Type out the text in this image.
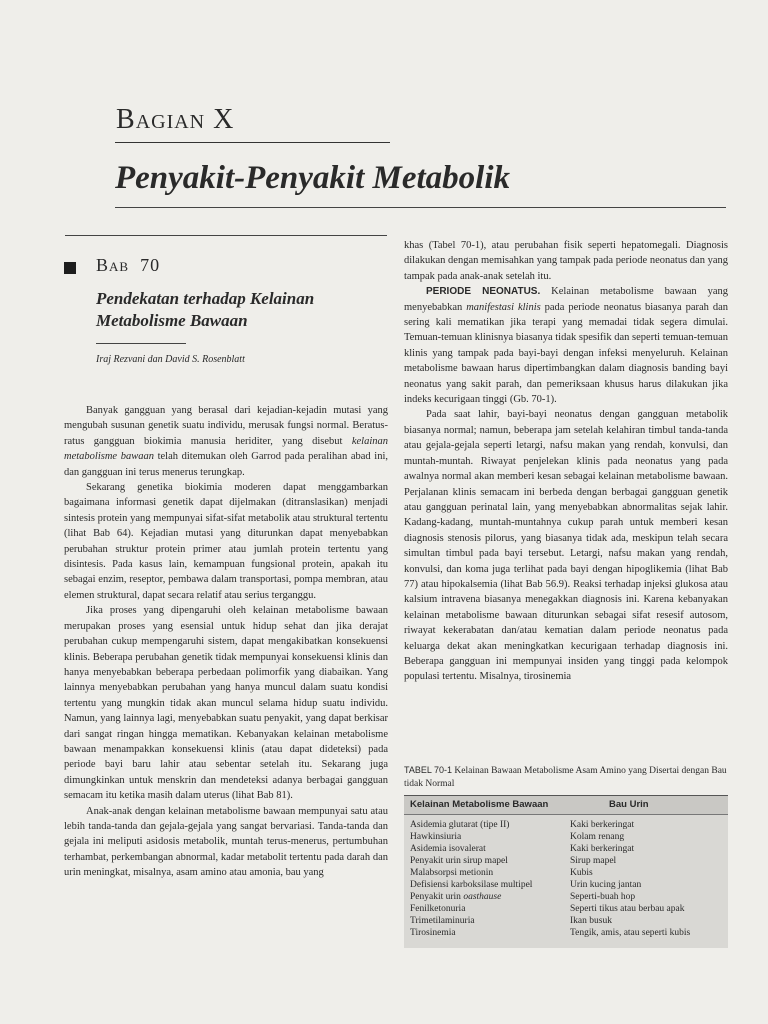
BAGIAN X
Penyakit-Penyakit Metabolik
BAB 70
Pendekatan terhadap Kelainan
Metabolisme Bawaan
Iraj Rezvani dan David S. Rosenblatt

Banyak gangguan yang berasal dari kejadian-kejadin mutasi yang mengubah susunan genetik suatu individu, merusak fungsi normal. Beratus-ratus gangguan biokimia manusia heriditer, yang disebut kelainan metabolisme bawaan telah ditemukan oleh Garrod pada peralihan abad ini, dan gangguan ini terus menerus terungkap.

Sekarang genetika biokimia moderen dapat menggambarkan bagaimana informasi genetik dapat dijelmakan (ditranslasikan) menjadi sintesis protein yang mempunyai sifat-sifat metabolik atau struktural tertentu (lihat Bab 64). Kejadian mutasi yang diturunkan dapat menyebabkan perubahan struktur protein primer atau jumlah protein tertentu yang disintesis. Pada kasus lain, kemampuan fungsional protein, apakah itu sebagai enzim, reseptor, pembawa dalam transportasi, pompa membran, atau elemen struktural, dapat secara relatif atau serius terganggu.

Jika proses yang dipengaruhi oleh kelainan metabolisme bawaan merupakan proses yang esensial untuk hidup sehat dan jika derajat perubahan cukup mempengaruhi sistem, dapat mengakibatkan konsekuensi klinis. Beberapa perubahan genetik tidak mempunyai konsekuensi klinis dan hanya menyebabkan beberapa perbedaan polimorfik yang diabaikan. Yang lainnya menyebabkan perubahan yang hanya muncul dalam suatu kondisi tertentu yang mungkin tidak akan muncul selama hidup suatu individu. Namun, yang lainnya lagi, menyebabkan suatu penyakit, yang dapat berkisar dari sangat ringan hingga mematikan. Kebanyakan kelainan metabolisme bawaan menampakkan konsekuensi klinis (atau dapat dideteksi) pada periode bayi baru lahir atau sebentar setelah itu. Sekarang juga dimungkinkan untuk menskrin dan mendeteksi adanya berbagai gangguan semacam itu ketika masih dalam uterus (lihat Bab 81).

Anak-anak dengan kelainan metabolisme bawaan mempunyai satu atau lebih tanda-tanda dan gejala-gejala yang sangat bervariasi. Tanda-tanda dan gejala ini meliputi asidosis metabolik, muntah terus-menerus, pertumbuhan terhambat, perkembangan abnormal, kadar metabolit tertentu pada darah dan urin meningkat, misalnya, asam amino atau amonia, bau yang

khas (Tabel 70-1), atau perubahan fisik seperti hepatomegali. Diagnosis dilakukan dengan memisahkan yang tampak pada periode neonatus dan yang tampak pada anak-anak setelah itu.

PERIODE NEONATUS. Kelainan metabolisme bawaan yang menyebabkan manifestasi klinis pada periode neonatus biasanya parah dan sering kali mematikan jika terapi yang memadai tidak segera dimulai. Temuan-temuan klinisnya biasanya tidak spesifik dan seperti temuan-temuan klinis yang tampak pada bayi-bayi dengan infeksi menyeluruh. Kelainan metabolisme bawaan harus dipertimbangkan dalam diagnosis banding bayi neonatus yang sakit parah, dan pemeriksaan khusus harus dilakukan jika indeks kecurigaan tinggi (Gb. 70-1).

Pada saat lahir, bayi-bayi neonatus dengan gangguan metabolik biasanya normal; namun, beberapa jam setelah kelahiran timbul tanda-tanda atau gejala-gejala seperti letargi, nafsu makan yang rendah, konvulsi, dan muntah-muntah. Riwayat penjelekan klinis pada neonatus yang pada awalnya normal akan memberi kesan sebagai kelainan metabolisme bawaan. Perjalanan klinis semacam ini berbeda dengan berbagai gangguan genetik atau gangguan perinatal lain, yang menyebabkan abnormalitas sejak lahir. Kadang-kadang, muntah-muntahnya cukup parah untuk memberi kesan diagnosis stenosis pilorus, yang biasanya tidak ada, meskipun telah secara simultan timbul pada bayi tersebut. Letargi, nafsu makan yang rendah, konvulsi, dan koma juga terlihat pada bayi dengan hipoglikemia (lihat Bab 77) atau hipokalsemia (lihat Bab 56.9). Reaksi terhadap injeksi glukosa atau kalsium intravena biasanya menegakkan diagnosis ini. Karena kebanyakan kelainan metabolisme bawaan diturunkan sebagai sifat resesif autosom, riwayat kekerabatan dan/atau kematian dalam periode neonatus pada keluarga dekat akan meningkatkan kecurigaan terhadap diagnosis ini. Beberapa gangguan ini mempunyai insiden yang tinggi pada kelompok populasi tertentu. Misalnya, tirosinemia

TABEL 70-1 Kelainan Bawaan Metabolisme Asam Amino yang Disertai dengan Bau tidak Normal
Kelainan Metabolisme Bawaan	Bau Urin
Asidemia glutarat (tipe II)	Kaki berkeringat
Hawkinsiuria	Kolam renang
Asidemia isovalerat	Kaki berkeringat
Penyakit urin sirup mapel	Sirup mapel
Malabsorpsi metionin	Kubis
Defisiensi karboksilase multipel	Urin kucing jantan
Penyakit urin oasthause	Seperti-buah hop
Fenilketonuria	Seperti tikus atau berbau apak
Trimetilaminuria	Ikan busuk
Tirosinemia	Tengik, amis, atau seperti kubis
